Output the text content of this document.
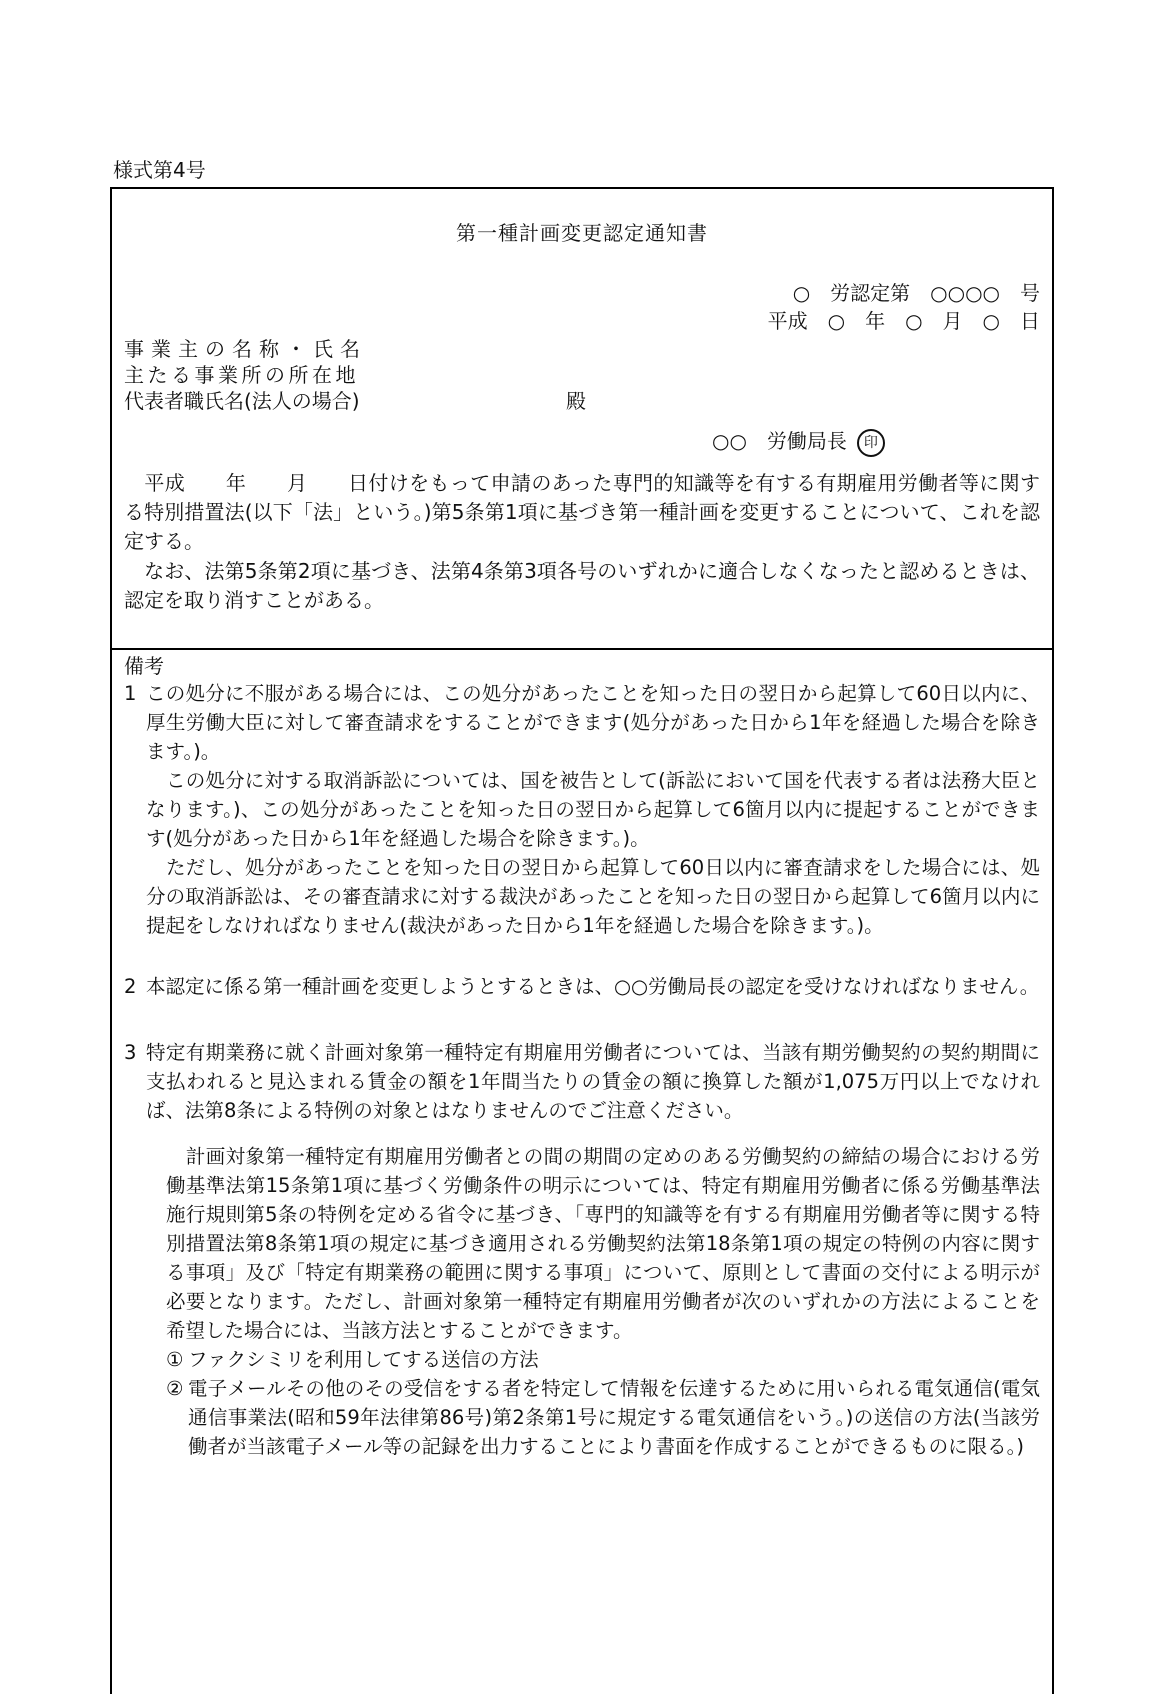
様式第4号
第一種計画変更認定通知書
○　労認定第　○○○○　号
平成　○　年　○　月　○　日
事業主の名称・氏名
主たる事業所の所在地
代表者職氏名(法人の場合)	殿
○○　労働局長 印

　平成　　年　　月　　日付けをもって申請のあった専門的知識等を有する有期雇用労働者等に関する特別措置法(以下「法」という。)第5条第1項に基づき第一種計画を変更することについて、これを認定する。

　なお、法第5条第2項に基づき、法第4条第3項各号のいずれかに適合しなくなったと認めるときは、認定を取り消すことがある。

備考
1 この処分に不服がある場合には、この処分があったことを知った日の翌日から起算して60日以内に、厚生労働大臣に対して審査請求をすることができます(処分があった日から1年を経過した場合を除きます。)。

この処分に対する取消訴訟については、国を被告として(訴訟において国を代表する者は法務大臣となります。)、この処分があったことを知った日の翌日から起算して6箇月以内に提起することができます(処分があった日から1年を経過した場合を除きます。)。

ただし、処分があったことを知った日の翌日から起算して60日以内に審査請求をした場合には、処分の取消訴訟は、その審査請求に対する裁決があったことを知った日の翌日から起算して6箇月以内に提起をしなければなりません(裁決があった日から1年を経過した場合を除きます。)。

2 本認定に係る第一種計画を変更しようとするときは、○○労働局長の認定を受けなければなりません。

3 特定有期業務に就く計画対象第一種特定有期雇用労働者については、当該有期労働契約の契約期間に支払われると見込まれる賃金の額を1年間当たりの賃金の額に換算した額が1,075万円以上でなければ、法第8条による特例の対象とはなりませんのでご注意ください。

　計画対象第一種特定有期雇用労働者との間の期間の定めのある労働契約の締結の場合における労働基準法第15条第1項に基づく労働条件の明示については、特定有期雇用労働者に係る労働基準法施行規則第5条の特例を定める省令に基づき、「専門的知識等を有する有期雇用労働者等に関する特別措置法第8条第1項の規定に基づき適用される労働契約法第18条第1項の規定の特例の内容に関する事項」及び「特定有期業務の範囲に関する事項」について、原則として書面の交付による明示が必要となります。ただし、計画対象第一種特定有期雇用労働者が次のいずれかの方法によることを希望した場合には、当該方法とすることができます。

① ファクシミリを利用してする送信の方法

② 電子メールその他のその受信をする者を特定して情報を伝達するために用いられる電気通信(電気通信事業法(昭和59年法律第86号)第2条第1号に規定する電気通信をいう。)の送信の方法(当該労働者が当該電子メール等の記録を出力することにより書面を作成することができるものに限る。)
